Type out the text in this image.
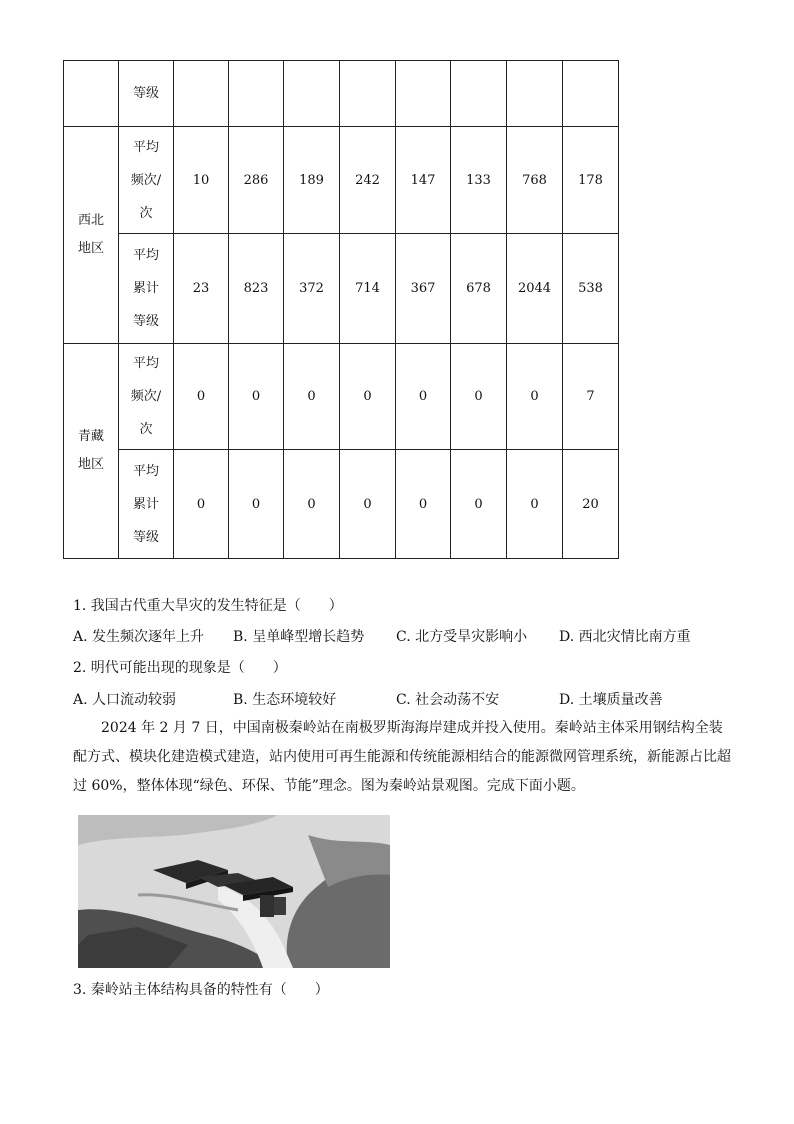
	等级								
西北地区	平均频次/次	10	286	189	242	147	133	768	178
	平均累计等级	23	823	372	714	367	678	2044	538
青藏地区	平均频次/次	0	0	0	0	0	0	0	7
	平均累计等级	0	0	0	0	0	0	0	20
1. 我国古代重大旱灾的发生特征是（　　）
A. 发生频次逐年上升 B. 呈单峰型增长趋势 C. 北方受旱灾影响小 D. 西北灾情比南方重
2. 明代可能出现的现象是（　　）
A. 人口流动较弱	B. 生态环境较好	C. 社会动荡不安	D. 土壤质量改善
2024 年 2 月 7 日，中国南极秦岭站在南极罗斯海海岸建成并投入使用。秦岭站主体采用钢结构全装配方式、模块化建造模式建造，站内使用可再生能源和传统能源相结合的能源微网管理系统，新能源占比超过 60%，整体体现“绿色、环保、节能”理念。图为秦岭站景观图。完成下面小题。
3. 秦岭站主体结构具备的特性有（　　）
